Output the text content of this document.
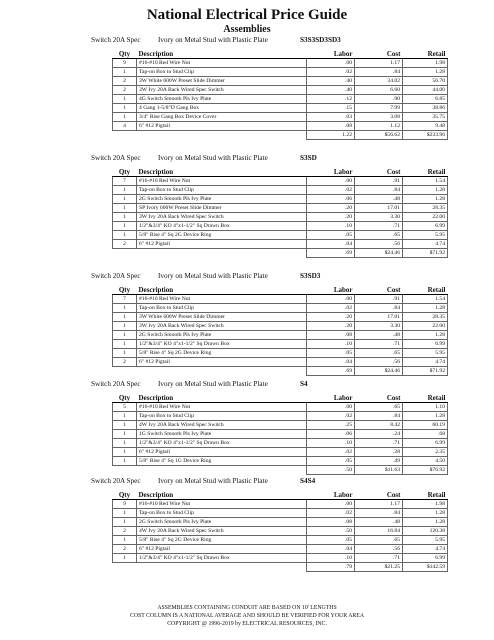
National Electrical Price Guide
Assemblies
Switch 20A Spec Ivory on Metal Stud with Plastic Plate	S3S3SD3SD3
Qty	Description	Labor	Cost	Retail
9	#16-#10 Red Wire Nut	.00	1.17	1.98
1	Tap-on Box to Stud Clip	.02	.84	1.28
2	3W White 600W Preset Slide Dimmer	.40	34.02	56.70
2	3W Ivy 20A Back Wired Spec Switch	.40	6.60	44.00
1	4G Switch Smooth Pls Ivy Plate	.12	.90	6.85
1	4 Gang 1-5/8"D Gang Box	.15	7.99	38.86
1	3/4" Rise Gang Box Device Cover	.03	3.08	35.75
4	6" #12 Pigtail	.08	1.12	9.48
		1.22	$56.62	$233.96
Switch 20A Spec Ivory on Metal Stud with Plastic Plate	S3SD
Qty	Description	Labor	Cost	Retail
7	#16-#10 Red Wire Nut	.00	.91	1.54
1	Tap-on Box to Stud Clip	.02	.84	1.28
1	2G Switch Smooth Pls Ivy Plate	.06	.48	1.28
1	SP Ivory 600W Preset Slide Dimmer	.20	17.01	28.35
1	3W Ivy 20A Back Wired Spec Switch	.20	3.30	22.00
1	1/2"&3/4" KO 4"x1-1/2" Sq Drawn Box	.10	.71	6.99
1	5/8" Rise 4" Sq 2G Device Ring	.05	.65	5.95
2	6" #12 Pigtail	.04	.56	4.74
		.69	$24.46	$71.92
Switch 20A Spec Ivory on Metal Stud with Plastic Plate	S3SD3
Qty	Description	Labor	Cost	Retail
7	#16-#10 Red Wire Nut	.00	.91	1.54
1	Tap-on Box to Stud Clip	.02	.84	1.28
1	3W White 600W Preset Slide Dimmer	.20	17.01	28.35
1	3W Ivy 20A Back Wired Spec Switch	.20	3.30	22.00
1	2G Switch Smooth Pls Ivy Plate	.08	.48	1.28
1	1/2"&3/4" KO 4"x1-1/2" Sq Drawn Box	.10	.71	6.99
1	5/8" Rise 4" Sq 2G Device Ring	.05	.65	5.95
2	6" #12 Pigtail	.04	.56	4.74
		.69	$24.46	$71.92
Switch 20A Spec Ivory on Metal Stud with Plastic Plate	S4
Qty	Description	Labor	Cost	Retail
5	#16-#10 Red Wire Nut	.00	.65	1.10
1	Tap-on Box to Stud Clip	.02	.84	1.28
1	4W Ivy 20A Back Wired Spec Switch	.25	8.42	60.19
1	1G Switch Smooth Pls Ivy Plate	.06	.24	.68
1	1/2"&3/4" KO 4"x1-1/2" Sq Drawn Box	.10	.71	6.99
1	6" #12 Pigtail	.02	.28	2.35
1	5/8" Rise 4" Sq 1G Device Ring	.05	.49	4.50
		.50	$11.63	$76.92
Switch 20A Spec Ivory on Metal Stud with Plastic Plate	S4S4
Qty	Description	Labor	Cost	Retail
9	#16-#10 Red Wire Nut	.00	1.17	1.98
1	Tap-on Box to Stud Clip	.02	.84	1.28
1	2G Switch Smooth Pls Ivy Plate	.08	.48	1.28
2	4W Ivy 20A Back Wired Spec Switch	.50	16.84	120.38
1	5/8" Rise 4" Sq 2G Device Ring	.05	.65	5.95
2	6" #12 Pigtail	.04	.56	4.74
1	1/2"&3/4" KO 4"x1-1/2" Sq Drawn Box	.10	.71	6.99
		.79	$21.25	$142.59
ASSEMBLIES CONTAINING CONDUIT ARE BASED ON 10' LENGTHS
COST COLUMN IS A NATIONAL AVERAGE AND SHOULD BE VERIFIED FOR YOUR AREA
COPYRIGHT @ 1996-2019 by ELECTRICAL RESOURCES, INC.
